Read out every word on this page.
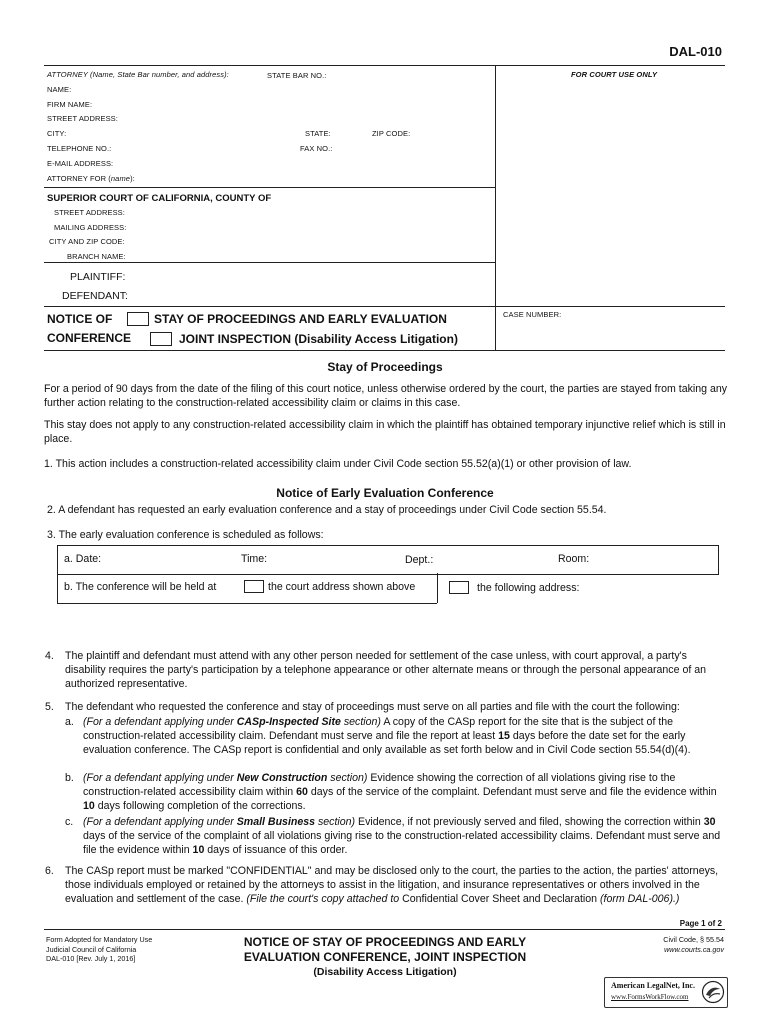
DAL-010
ATTORNEY (Name, State Bar number, and address):	STATE BAR NO.:	FOR COURT USE ONLY
NAME:
FIRM NAME:
STREET ADDRESS:
CITY:	STATE:	ZIP CODE:
TELEPHONE NO.:	FAX NO.:
E-MAIL ADDRESS:
ATTORNEY FOR (name):
SUPERIOR COURT OF CALIFORNIA, COUNTY OF
STREET ADDRESS:
MAILING ADDRESS:
CITY AND ZIP CODE:
BRANCH NAME:
PLAINTIFF:
DEFENDANT:
NOTICE OF	STAY OF PROCEEDINGS AND EARLY EVALUATION
CONFERENCE	JOINT INSPECTION (Disability Access Litigation)
CASE NUMBER:
Stay of Proceedings
For a period of 90 days from the date of the filing of this court notice, unless otherwise ordered by the court, the parties are stayed from taking any further action relating to the construction-related accessibility claim or claims in this case.
This stay does not apply to any construction-related accessibility claim in which the plaintiff has obtained temporary injunctive relief which is still in place.
1. This action includes a construction-related accessibility claim under Civil Code section 55.52(a)(1) or other provision of law.
Notice of Early Evaluation Conference
2. A defendant has requested an early evaluation conference and a stay of proceedings under Civil Code section 55.54.
3. The early evaluation conference is scheduled as follows:
a. Date:	Time:	Dept.:	Room:
b. The conference will be held at	the court address shown above	the following address:
4. The plaintiff and defendant must attend with any other person needed for settlement of the case unless, with court approval, a party's disability requires the party's participation by a telephone appearance or other alternate means or through the personal appearance of an authorized representative.
5. The defendant who requested the conference and stay of proceedings must serve on all parties and file with the court the following:
a. (For a defendant applying under CASp-Inspected Site section) A copy of the CASp report for the site that is the subject of the construction-related accessibility claim. Defendant must serve and file the report at least 15 days before the date set for the early evaluation conference. The CASp report is confidential and only available as set forth below and in Civil Code section 55.54(d)(4).
b. (For a defendant applying under New Construction section) Evidence showing the correction of all violations giving rise to the construction-related accessibility claim within 60 days of the service of the complaint. Defendant must serve and file the evidence within 10 days following completion of the corrections.
c. (For a defendant applying under Small Business section) Evidence, if not previously served and filed, showing the correction within 30 days of the service of the complaint of all violations giving rise to the construction-related accessibility claims. Defendant must serve and file the evidence within 10 days of issuance of this order.
6. The CASp report must be marked "CONFIDENTIAL" and may be disclosed only to the court, the parties to the action, the parties' attorneys, those individuals employed or retained by the attorneys to assist in the litigation, and insurance representatives or others involved in the evaluation and settlement of the case. (File the court's copy attached to Confidential Cover Sheet and Declaration (form DAL-006).)
Page 1 of 2
Form Adopted for Mandatory Use
Judicial Council of California
DAL-010 [Rev. July 1, 2016]
NOTICE OF STAY OF PROCEEDINGS AND EARLY
EVALUATION CONFERENCE, JOINT INSPECTION
(Disability Access Litigation)
Civil Code, § 55.54
www.courts.ca.gov
American LegalNet, Inc.
www.FormsWorkFlow.com
